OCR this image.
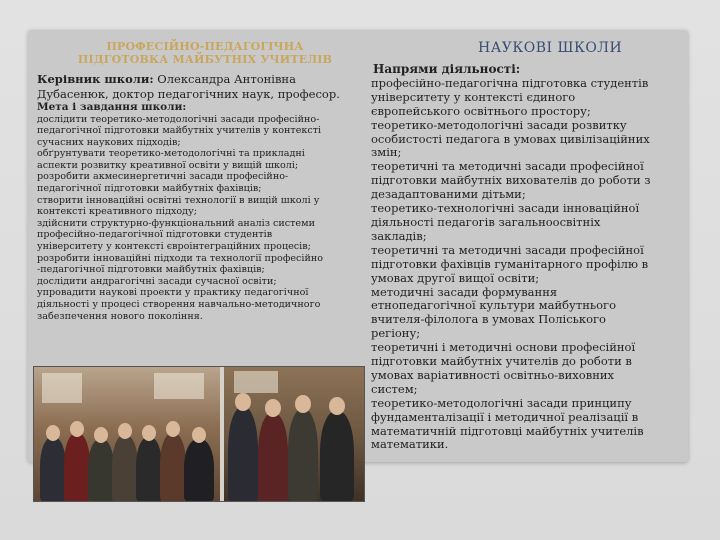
ПРОФЕСІЙНО-ПЕДАГОГІЧНА
ПІДГОТОВКА МАЙБУТНІХ УЧИТЕЛІВ
НАУКОВІ ШКОЛИ
Керівник школи: Олександра Антонівна
Дубасенюк, доктор педагогічних наук, професор.
Мета і завдання школи:
дослідити теоретико-методологічні засади професійно-
педагогічної підготовки майбутніх учителів у контексті
сучасних наукових підходів;
обґрунтувати теоретико-методологічні та прикладні
аспекти розвитку креативної освіти у вищій школі;
розробити акмесинергетичні засади професійно-
педагогічної підготовки майбутніх фахівців;
створити інноваційні освітні технології в вищій школі у
контексті креативного підходу;
здійснити структурно-функціональний аналіз системи
професійно-педагогічної підготовки студентів
університету у контексті євроінтеграційних процесів;
розробити інноваційні підходи та технології професійно
-педагогічної підготовки майбутніх фахівців;
дослідити андрагогічні засади сучасної освіти;
упровадити наукові проекти у практику педагогічної
діяльності у процесі створення навчально-методичного
забезпечення нового покоління.
Напрями діяльності:
професійно-педагогічна підготовка студентів
університету у контексті єдиного
європейського освітнього простору;
теоретико-методологічні засади розвитку
особистості педагога в умовах цивілізаційних
змін;
теоретичні та методичні засади професійної
підготовки майбутніх вихователів до роботи з
дезадаптованими дітьми;
теоретико-технологічні засади інноваційної
діяльності педагогів загальноосвітніх
закладів;
теоретичні та методичні засади професійної
підготовки фахівців гуманітарного профілю в
умовах другої вищої освіти;
методичні засади формування
етнопедагогічної культури майбутнього
вчителя-філолога в умовах Поліського
регіону;
теоретичні і методичні основи професійної
підготовки майбутніх учителів до роботи в
умовах варіативності освітньо-виховних
систем;
теоретико-методологічні засади принципу
фундаменталізації і методичної реалізації в
математичній підготовці майбутніх учителів
математики.
